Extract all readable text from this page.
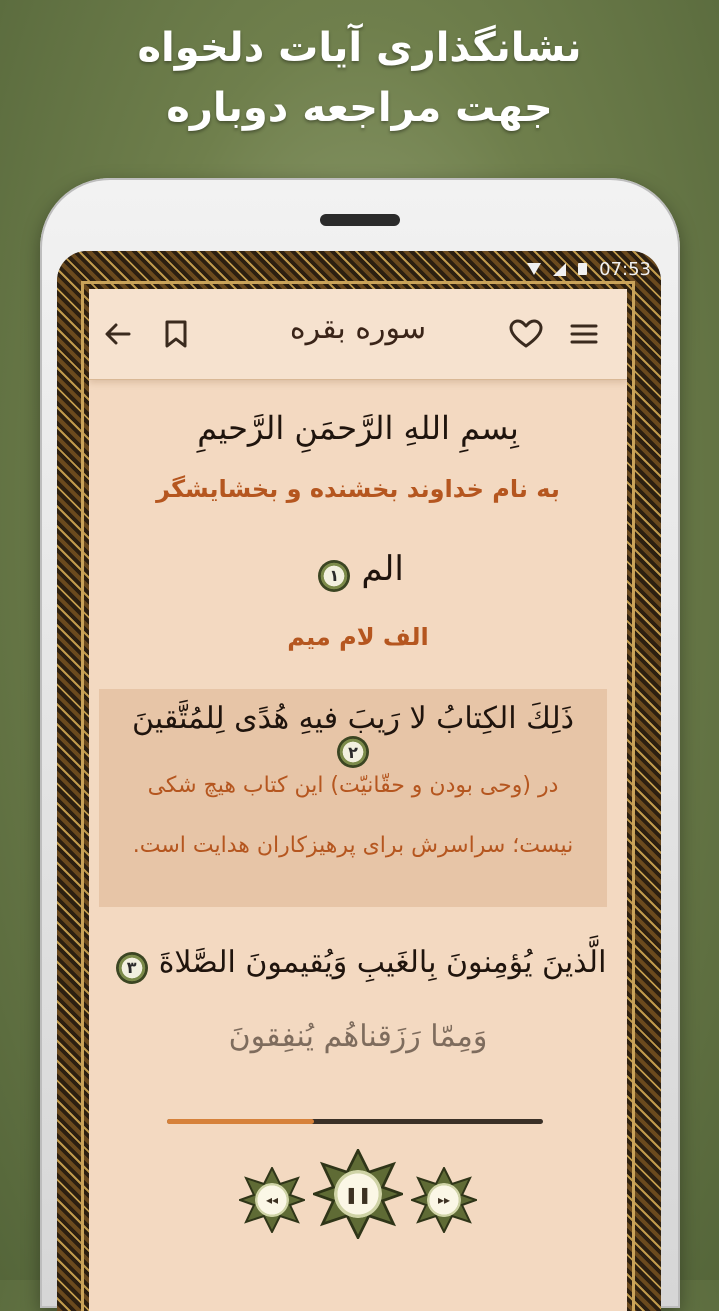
نشانگذاری آیات دلخواه
جهت مراجعه دوباره
07:53
سوره بقره
بِسمِ اللهِ الرَّحمَنِ الرَّحيمِ
به نام خداوند بخشنده و بخشایشگر
الم ١
الف لام میم
ذَلِكَ الكِتابُ لا رَيبَ فيهِ هُدًى لِلمُتَّقينَ ٢
در (وحی بودن و حقّانیّت) این کتاب هیچ شکی
نیست؛ سراسرش برای پرهیزکاران هدایت است.
الَّذينَ يُؤمِنونَ بِالغَيبِ وَيُقيمونَ الصَّلاةَ ٣
وَمِمّا رَزَقناهُم يُنفِقونَ
◂◂	❚❚	▸▸
